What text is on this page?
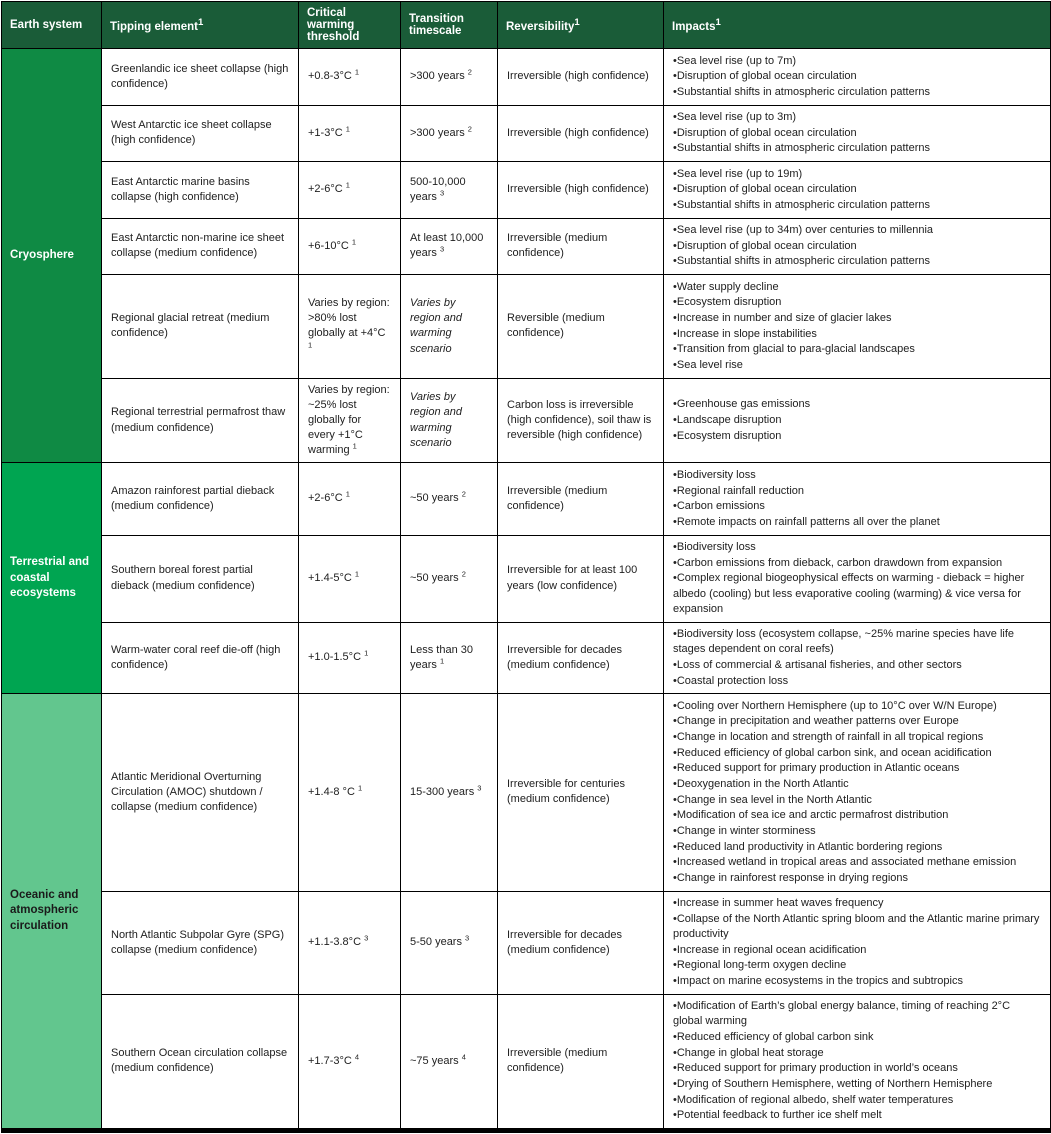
Earth system	Tipping element$^1$	Critical warming threshold	Transition timescale	Reversibility$^1$	Impacts$^1$
Cryosphere	Greenlandic ice sheet collapse (high confidence)	+0.8-3°C $^1$	>300 years $^2$	Irreversible (high confidence)	
• Sea level rise (up to 7m)
• Disruption of global ocean circulation
• Substantial shifts in atmospheric circulation patterns

West Antarctic ice sheet collapse (high confidence)	+1-3°C $^1$	>300 years $^2$	Irreversible (high confidence)	
• Sea level rise (up to 3m)
• Disruption of global ocean circulation
• Substantial shifts in atmospheric circulation patterns

East Antarctic marine basins collapse (high confidence)	+2-6°C $^1$	500-10,000 years $^3$	Irreversible (high confidence)	
• Sea level rise (up to 19m)
• Disruption of global ocean circulation
• Substantial shifts in atmospheric circulation patterns

East Antarctic non-marine ice sheet collapse (medium confidence)	+6-10°C $^1$	At least 10,000 years $^3$	Irreversible (medium confidence)	
• Sea level rise (up to 34m) over centuries to millennia
• Disruption of global ocean circulation
• Substantial shifts in atmospheric circulation patterns

Regional glacial retreat (medium confidence)	Varies by region: >80% lost globally at +4°C $^1$	Varies by region and warming scenario	Reversible (medium confidence)	
• Water supply decline
• Ecosystem disruption
• Increase in number and size of glacier lakes
• Increase in slope instabilities
• Transition from glacial to para-glacial landscapes
• Sea level rise

Regional terrestrial permafrost thaw (medium confidence)	Varies by region: ~25% lost globally for every +1°C warming $^1$	Varies by region and warming scenario	Carbon loss is irreversible (high confidence), soil thaw is reversible (high confidence)	
• Greenhouse gas emissions
• Landscape disruption
• Ecosystem disruption

Terrestrial and coastal ecosystems	Amazon rainforest partial dieback (medium confidence)	+2-6°C $^1$	~50 years $^2$	Irreversible (medium confidence)	
• Biodiversity loss
• Regional rainfall reduction
• Carbon emissions
• Remote impacts on rainfall patterns all over the planet

Southern boreal forest partial dieback (medium confidence)	+1.4-5°C $^1$	~50 years $^2$	Irreversible for at least 100 years (low confidence)	
• Biodiversity loss
• Carbon emissions from dieback, carbon drawdown from expansion
• Complex regional biogeophysical effects on warming - dieback = higher albedo (cooling) but less evaporative cooling (warming) & vice versa for expansion

Warm-water coral reef die-off (high confidence)	+1.0-1.5°C $^1$	Less than 30 years $^1$	Irreversible for decades (medium confidence)	
• Biodiversity loss (ecosystem collapse, ~25% marine species have life stages dependent on coral reefs)
• Loss of commercial & artisanal fisheries, and other sectors
• Coastal protection loss

Oceanic and atmospheric circulation	Atlantic Meridional Overturning Circulation (AMOC) shutdown / collapse (medium confidence)	+1.4-8 °C $^1$	15-300 years $^3$	Irreversible for centuries (medium confidence)	
• Cooling over Northern Hemisphere (up to 10°C over W/N Europe)
• Change in precipitation and weather patterns over Europe
• Change in location and strength of rainfall in all tropical regions
• Reduced efficiency of global carbon sink, and ocean acidification
• Reduced support for primary production in Atlantic oceans
• Deoxygenation in the North Atlantic
• Change in sea level in the North Atlantic
• Modification of sea ice and arctic permafrost distribution
• Change in winter storminess
• Reduced land productivity in Atlantic bordering regions
• Increased wetland in tropical areas and associated methane emission
• Change in rainforest response in drying regions

North Atlantic Subpolar Gyre (SPG) collapse (medium confidence)	+1.1-3.8°C $^3$	5-50 years $^3$	Irreversible for decades (medium confidence)	
• Increase in summer heat waves frequency
• Collapse of the North Atlantic spring bloom and the Atlantic marine primary productivity
• Increase in regional ocean acidification
• Regional long-term oxygen decline
• Impact on marine ecosystems in the tropics and subtropics

Southern Ocean circulation collapse (medium confidence)	+1.7-3°C $^4$	~75 years $^4$	Irreversible (medium confidence)	
• Modification of Earth’s global energy balance, timing of reaching 2°C global warming
• Reduced efficiency of global carbon sink
• Change in global heat storage
• Reduced support for primary production in world’s oceans
• Drying of Southern Hemisphere, wetting of Northern Hemisphere
• Modification of regional albedo, shelf water temperatures
• Potential feedback to further ice shelf melt
